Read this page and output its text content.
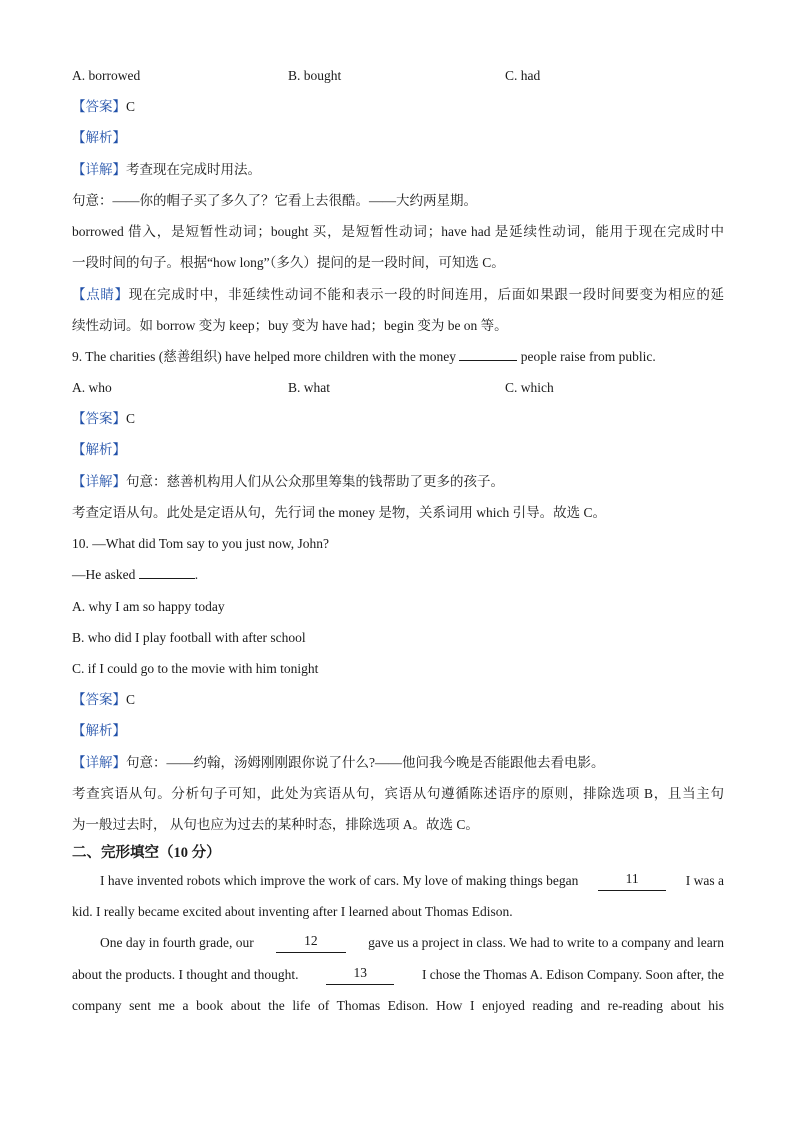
A. borrowed	B. bought	C. had
【答案】C
【解析】
【详解】考查现在完成时用法。
句意：——你的帽子买了多久了？它看上去很酷。——大约两星期。
borrowed 借入，是短暂性动词；bought 买，是短暂性动词；have had 是延续性动词，能用于现在完成时中
一段时间的句子。根据“how long”（多久）提问的是一段时间，可知选 C。
【点睛】现在完成时中，非延续性动词不能和表示一段的时间连用，后面如果跟一段时间要变为相应的延
续性动词。如 borrow 变为 keep；buy 变为 have had；begin 变为 be on 等。
9. The charities (慈善组织) have helped more children with the money	people raise from public.
A. who	B. what	C. which
【答案】C
【解析】
【详解】句意：慈善机构用人们从公众那里筹集的钱帮助了更多的孩子。
考查定语从句。此处是定语从句，先行词 the money 是物，关系词用 which 引导。故选 C。
10. —What did Tom say to you just now, John?
—He asked	.
A. why I am so happy today
B. who did I play football with after school
C. if I could go to the movie with him tonight
【答案】C
【解析】
【详解】句意：——约翰，汤姆刚刚跟你说了什么?——他问我今晚是否能跟他去看电影。
考查宾语从句。分析句子可知，此处为宾语从句，宾语从句遵循陈述语序的原则，排除选项 B，且当主句
为一般过去时， 从句也应为过去的某种时态，排除选项 A。故选 C。
二、完形填空（10 分）
I have invented robots which improve the work of cars. My love of making things began	11	I was a
kid. I really became excited about inventing after I learned about Thomas Edison.
One day in fourth grade, our	12	gave us a project in class. We had to write to a company and learn
about the products. I thought and thought.	13	I chose the Thomas A. Edison Company. Soon after, the
company sent me a book about the life of Thomas Edison. How I enjoyed reading and re-reading about his
